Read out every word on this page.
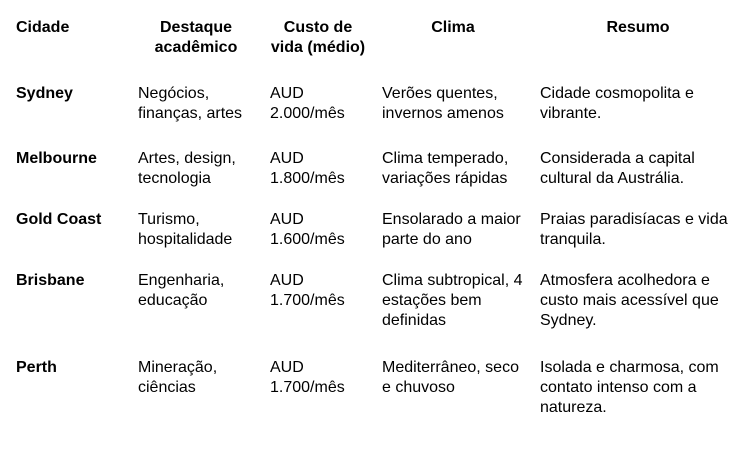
Cidade	Destaque acadêmico	Custo de vida (médio)	Clima	Resumo
Sydney	Negócios, finanças, artes	AUD 2.000/mês	Verões quentes, invernos amenos	Cidade cosmopolita e vibrante.
Melbourne	Artes, design, tecnologia	AUD 1.800/mês	Clima temperado, variações rápidas	Considerada a capital cultural da Austrália.
Gold Coast	Turismo, hospitalidade	AUD 1.600/mês	Ensolarado a maior parte do ano	Praias paradisíacas e vida tranquila.
Brisbane	Engenharia, educação	AUD 1.700/mês	Clima subtropical, 4 estações bem definidas	Atmosfera acolhedora e custo mais acessível que Sydney.
Perth	Mineração, ciências	AUD 1.700/mês	Mediterrâneo, seco e chuvoso	Isolada e charmosa, com contato intenso com a natureza.
